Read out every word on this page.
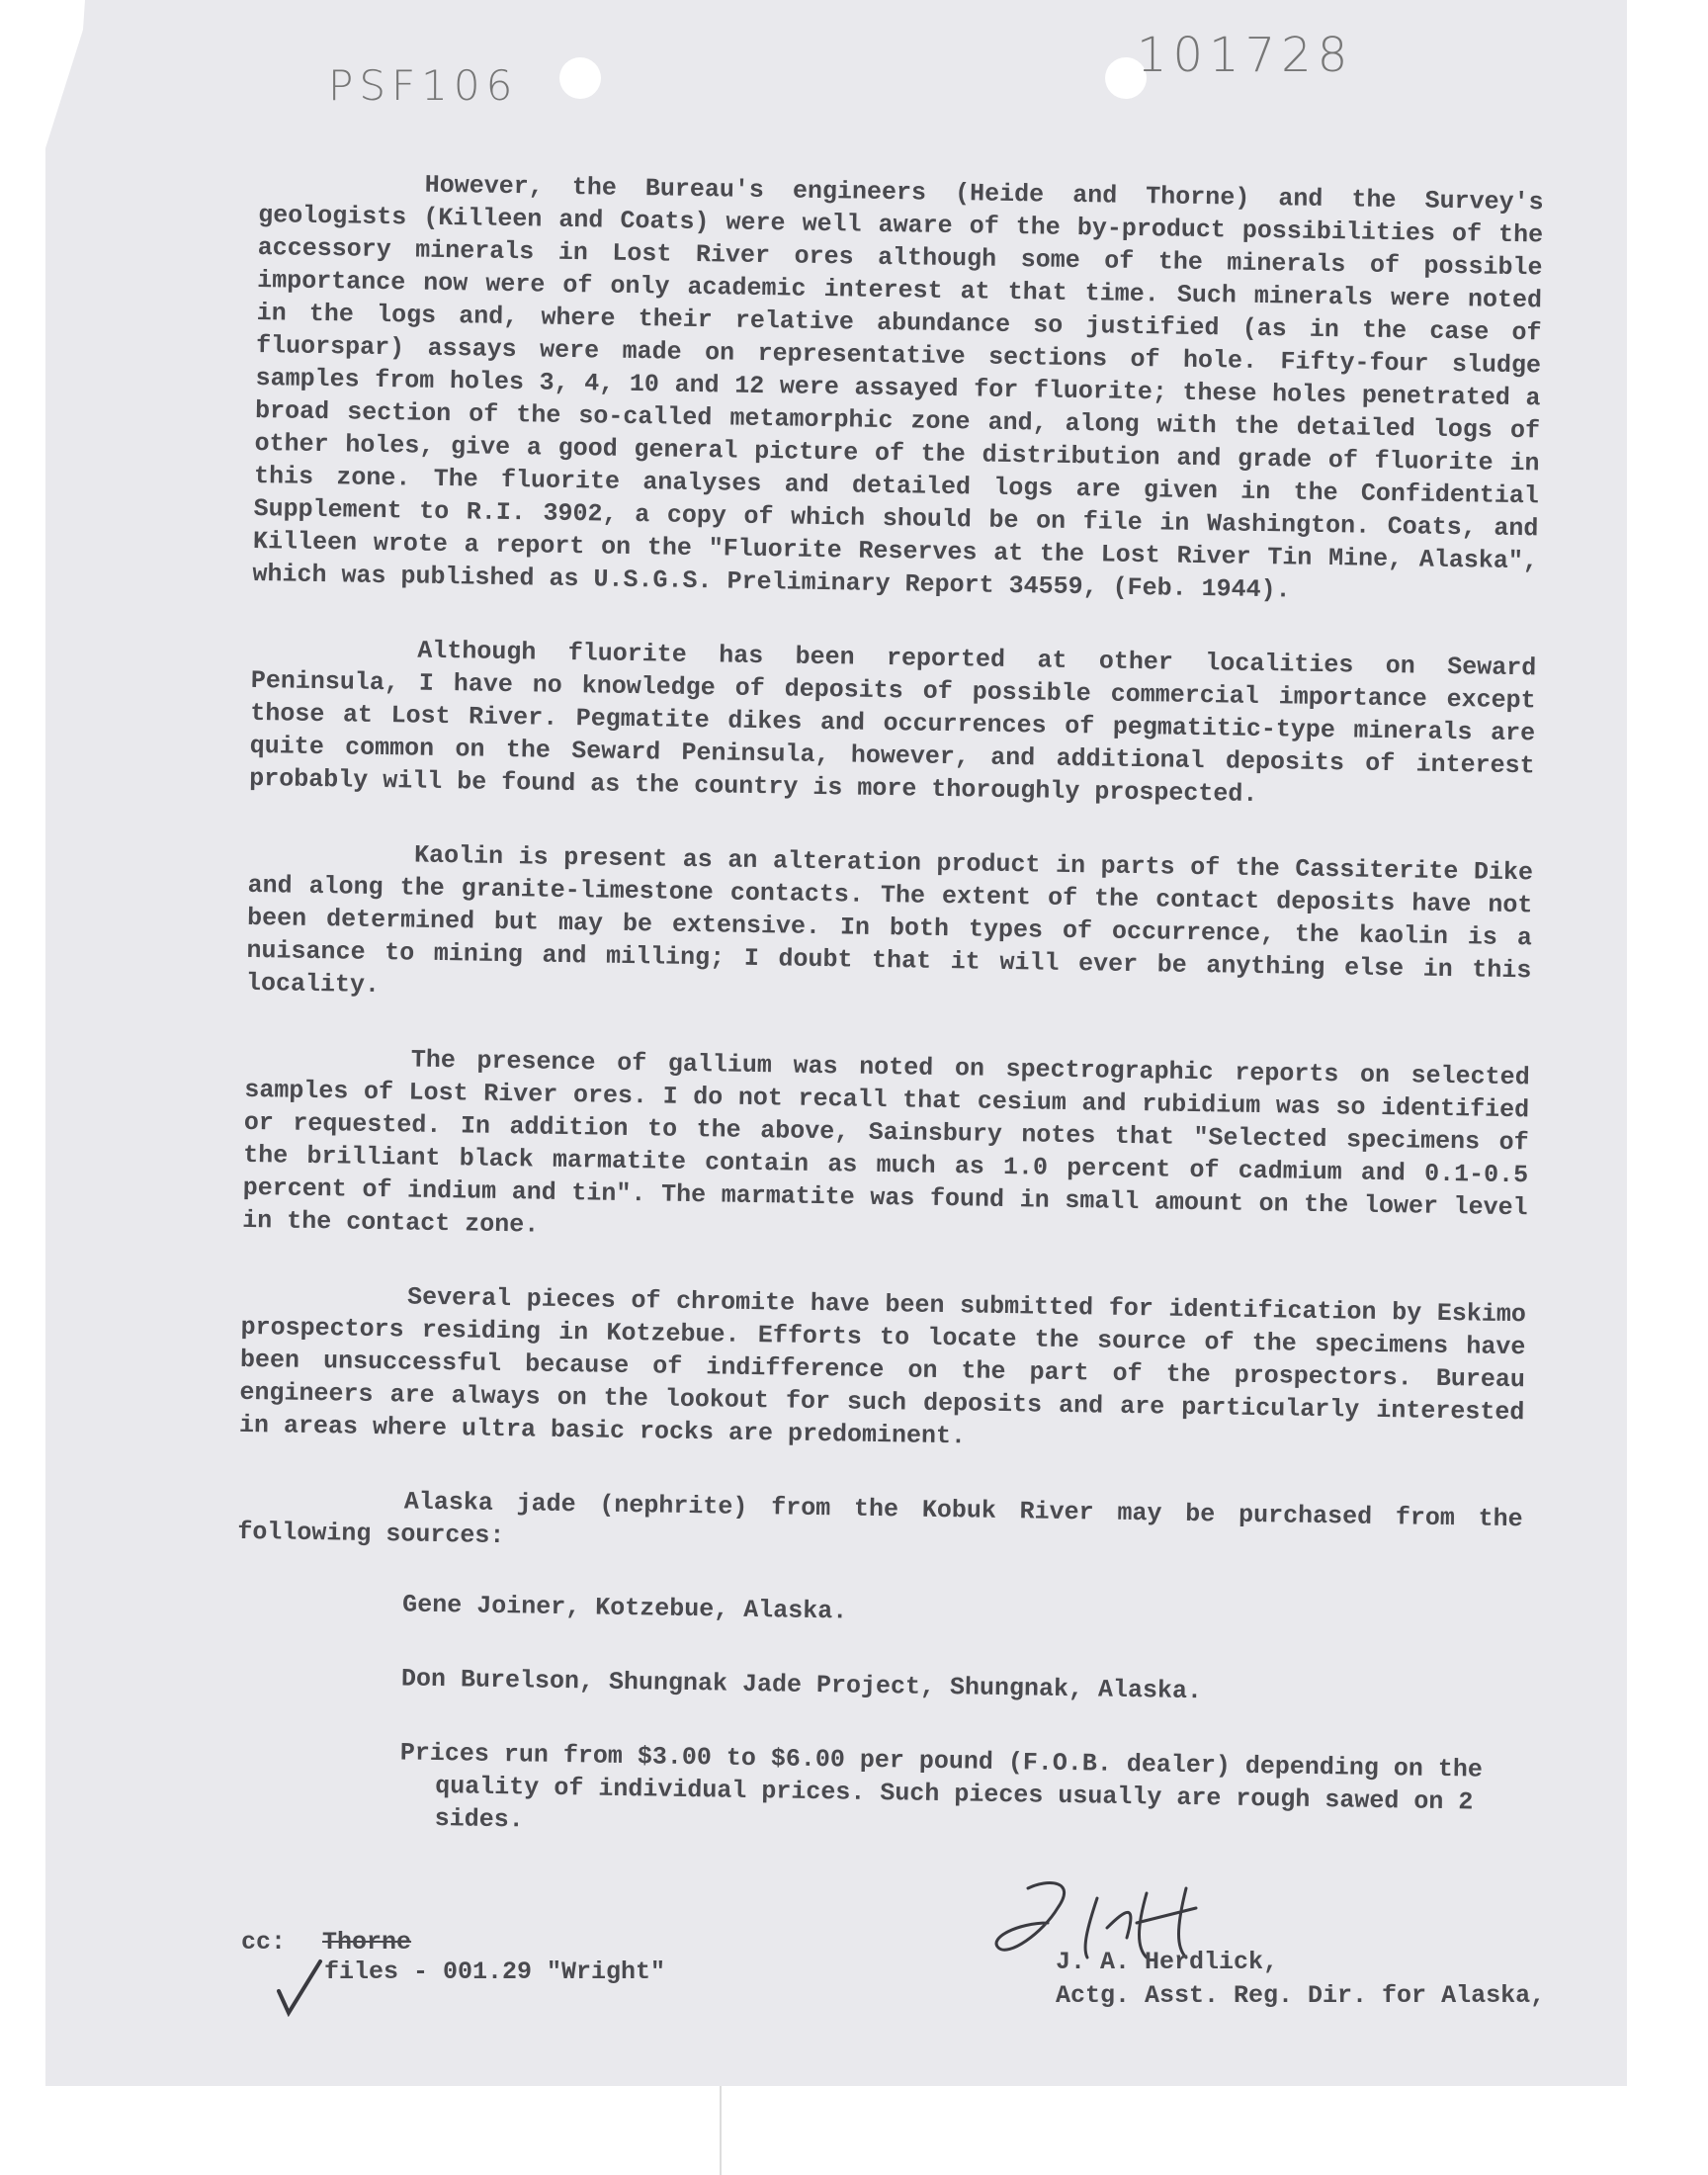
PSF106
101728

However, the Bureau's engineers (Heide and Thorne) and the Survey's geologists (Killeen and Coats) were well aware of the by-product possibilities of the accessory minerals in Lost River ores although some of the minerals of possible importance now were of only academic interest at that time. Such minerals were noted in the logs and, where their relative abundance so justified (as in the case of fluorspar) assays were made on representative sections of hole. Fifty-four sludge samples from holes 3, 4, 10 and 12 were assayed for fluorite; these holes penetrated a broad section of the so-called metamorphic zone and, along with the detailed logs of other holes, give a good general picture of the distribution and grade of fluorite in this zone. The fluorite analyses and detailed logs are given in the Confidential Supplement to R.I. 3902, a copy of which should be on file in Washington. Coats, and Killeen wrote a report on the "Fluorite Reserves at the Lost River Tin Mine, Alaska", which was published as U.S.G.S. Preliminary Report 34559, (Feb. 1944).

Although fluorite has been reported at other localities on Seward Peninsula, I have no knowledge of deposits of possible commercial importance except those at Lost River. Pegmatite dikes and occurrences of pegmatitic-type minerals are quite common on the Seward Peninsula, however, and additional deposits of interest probably will be found as the country is more thoroughly prospected.

Kaolin is present as an alteration product in parts of the Cassiterite Dike and along the granite-limestone contacts. The extent of the contact deposits have not been determined but may be extensive. In both types of occurrence, the kaolin is a nuisance to mining and milling; I doubt that it will ever be anything else in this locality.

The presence of gallium was noted on spectrographic reports on selected samples of Lost River ores. I do not recall that cesium and rubidium was so identified or requested. In addition to the above, Sainsbury notes that "Selected specimens of the brilliant black marmatite contain as much as 1.0 percent of cadmium and 0.1-0.5 percent of indium and tin". The marmatite was found in small amount on the lower level in the contact zone.

Several pieces of chromite have been submitted for identification by Eskimo prospectors residing in Kotzebue. Efforts to locate the source of the specimens have been unsuccessful because of indifference on the part of the prospectors. Bureau engineers are always on the lookout for such deposits and are particularly interested in areas where ultra basic rocks are predominent.

Alaska jade (nephrite) from the Kobuk River may be purchased from the following sources:

Gene Joiner, Kotzebue, Alaska.

Don Burelson, Shungnak Jade Project, Shungnak, Alaska.

Prices run from $3.00 to $6.00 per pound (F.O.B. dealer) depending on the quality of individual prices. Such pieces usually are rough sawed on 2 sides.

cc: Thorne
files - 001.29 "Wright"	J. A. Herdlick,
Actg. Asst. Reg. Dir. for Alaska,
